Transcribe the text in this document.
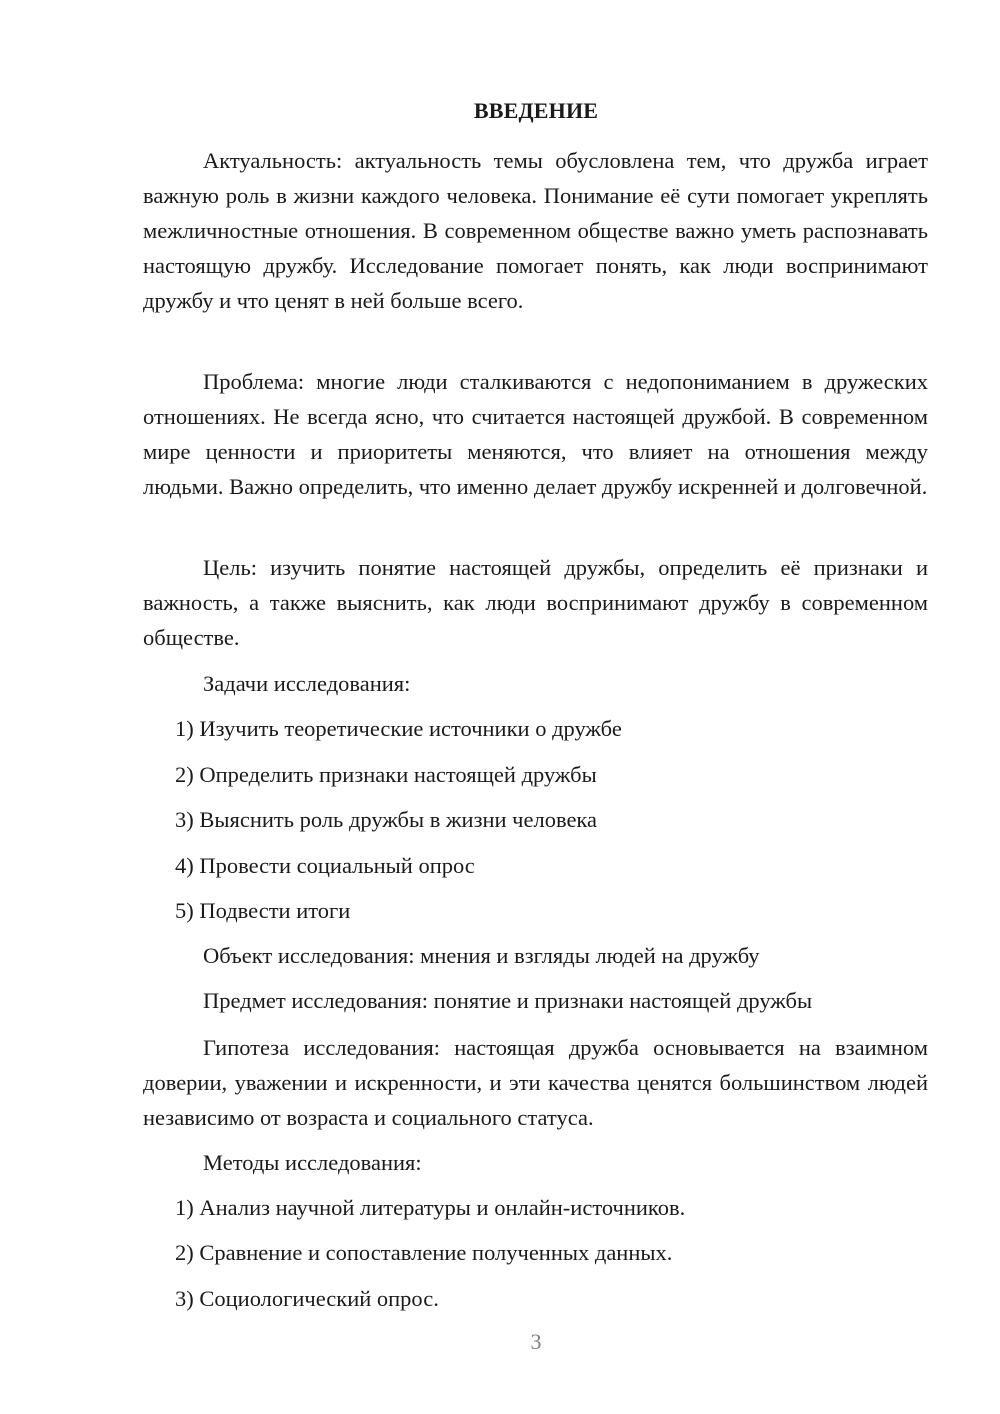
ВВЕДЕНИЕ

Актуальность: актуальность темы обусловлена тем, что дружба играет важную роль в жизни каждого человека. Понимание её сути помогает укреплять межличностные отношения. В современном обществе важно уметь распознавать настоящую дружбу. Исследование помогает понять, как люди воспринимают дружбу и что ценят в ней больше всего.

Проблема: многие люди сталкиваются с недопониманием в дружеских отношениях. Не всегда ясно, что считается настоящей дружбой. В современном мире ценности и приоритеты меняются, что влияет на отношения между людьми. Важно определить, что именно делает дружбу искренней и долговечной.

Цель: изучить понятие настоящей дружбы, определить её признаки и важность, а также выяснить, как люди воспринимают дружбу в современном обществе.

Задачи исследования:
1) Изучить теоретические источники о дружбе
2) Определить признаки настоящей дружбы
3) Выяснить роль дружбы в жизни человека
4) Провести социальный опрос
5) Подвести итоги
Объект исследования: мнения и взгляды людей на дружбу
Предмет исследования: понятие и признаки настоящей дружбы

Гипотеза исследования: настоящая дружба основывается на взаимном доверии, уважении и искренности, и эти качества ценятся большинством людей независимо от возраста и социального статуса.

Методы исследования:
1) Анализ научной литературы и онлайн-источников.
2) Сравнение и сопоставление полученных данных.
3) Социологический опрос.
3
